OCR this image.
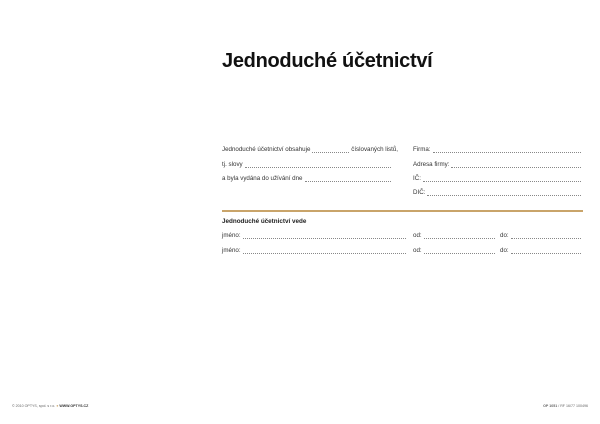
Jednoduché účetnictví
Jednoduché účetnictví obsahuje	číslovaných listů,
tj. slovy
a byla vydána do užívání dne
Firma:
Adresa firmy:
IČ:
DIČ:
Jednoduché účetnictví vede
jméno:	od:	do:
jméno:	od:	do:
© 2010 OPTYS, spol. s r.o. ● WWW.OPTYS.CZ	OP 1051 / RF 16/77 100496
